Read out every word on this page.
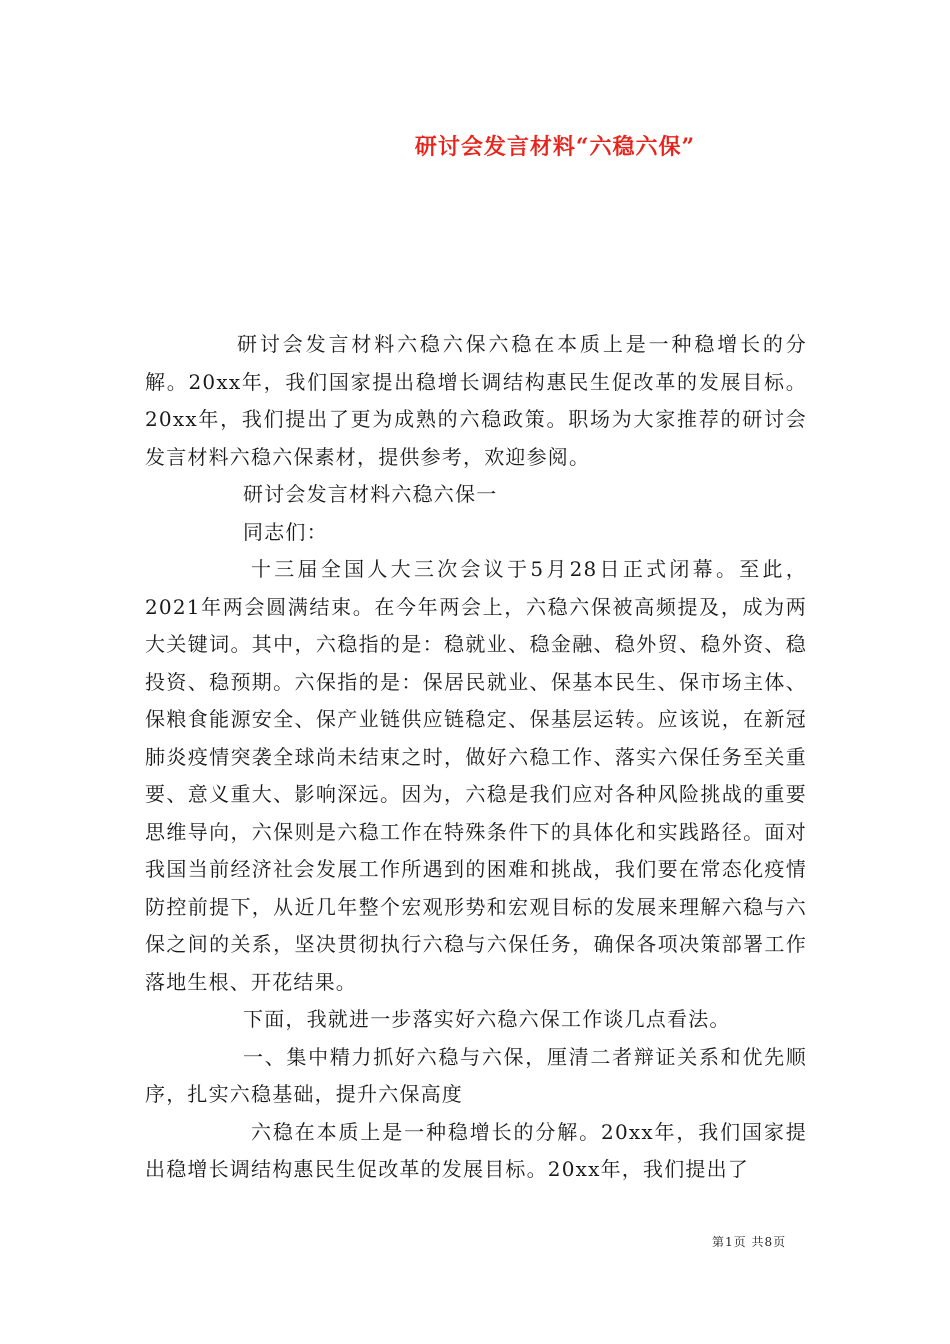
研讨会发言材料“六稳六保”

研讨会发言材料六稳六保六稳在本质上是一种稳增长的分解。20xx年，我们国家提出稳增长调结构惠民生促改革的发展目标。20xx年，我们提出了更为成熟的六稳政策。职场为大家推荐的研讨会发言材料六稳六保素材，提供参考，欢迎参阅。

研讨会发言材料六稳六保一

同志们：

十三届全国人大三次会议于5月28日正式闭幕。至此，2021年两会圆满结束。在今年两会上，六稳六保被高频提及，成为两大关键词。其中，六稳指的是：稳就业、稳金融、稳外贸、稳外资、稳投资、稳预期。六保指的是：保居民就业、保基本民生、保市场主体、保粮食能源安全、保产业链供应链稳定、保基层运转。应该说，在新冠肺炎疫情突袭全球尚未结束之时，做好六稳工作、落实六保任务至关重要、意义重大、影响深远。因为，六稳是我们应对各种风险挑战的重要思维导向，六保则是六稳工作在特殊条件下的具体化和实践路径。面对我国当前经济社会发展工作所遇到的困难和挑战，我们要在常态化疫情防控前提下，从近几年整个宏观形势和宏观目标的发展来理解六稳与六保之间的关系，坚决贯彻执行六稳与六保任务，确保各项决策部署工作落地生根、开花结果。

下面，我就进一步落实好六稳六保工作谈几点看法。

一、集中精力抓好六稳与六保，厘清二者辩证关系和优先顺序，扎实六稳基础，提升六保高度

六稳在本质上是一种稳增长的分解。20xx年，我们国家提出稳增长调结构惠民生促改革的发展目标。20xx年，我们提出了

第1页 共8页
